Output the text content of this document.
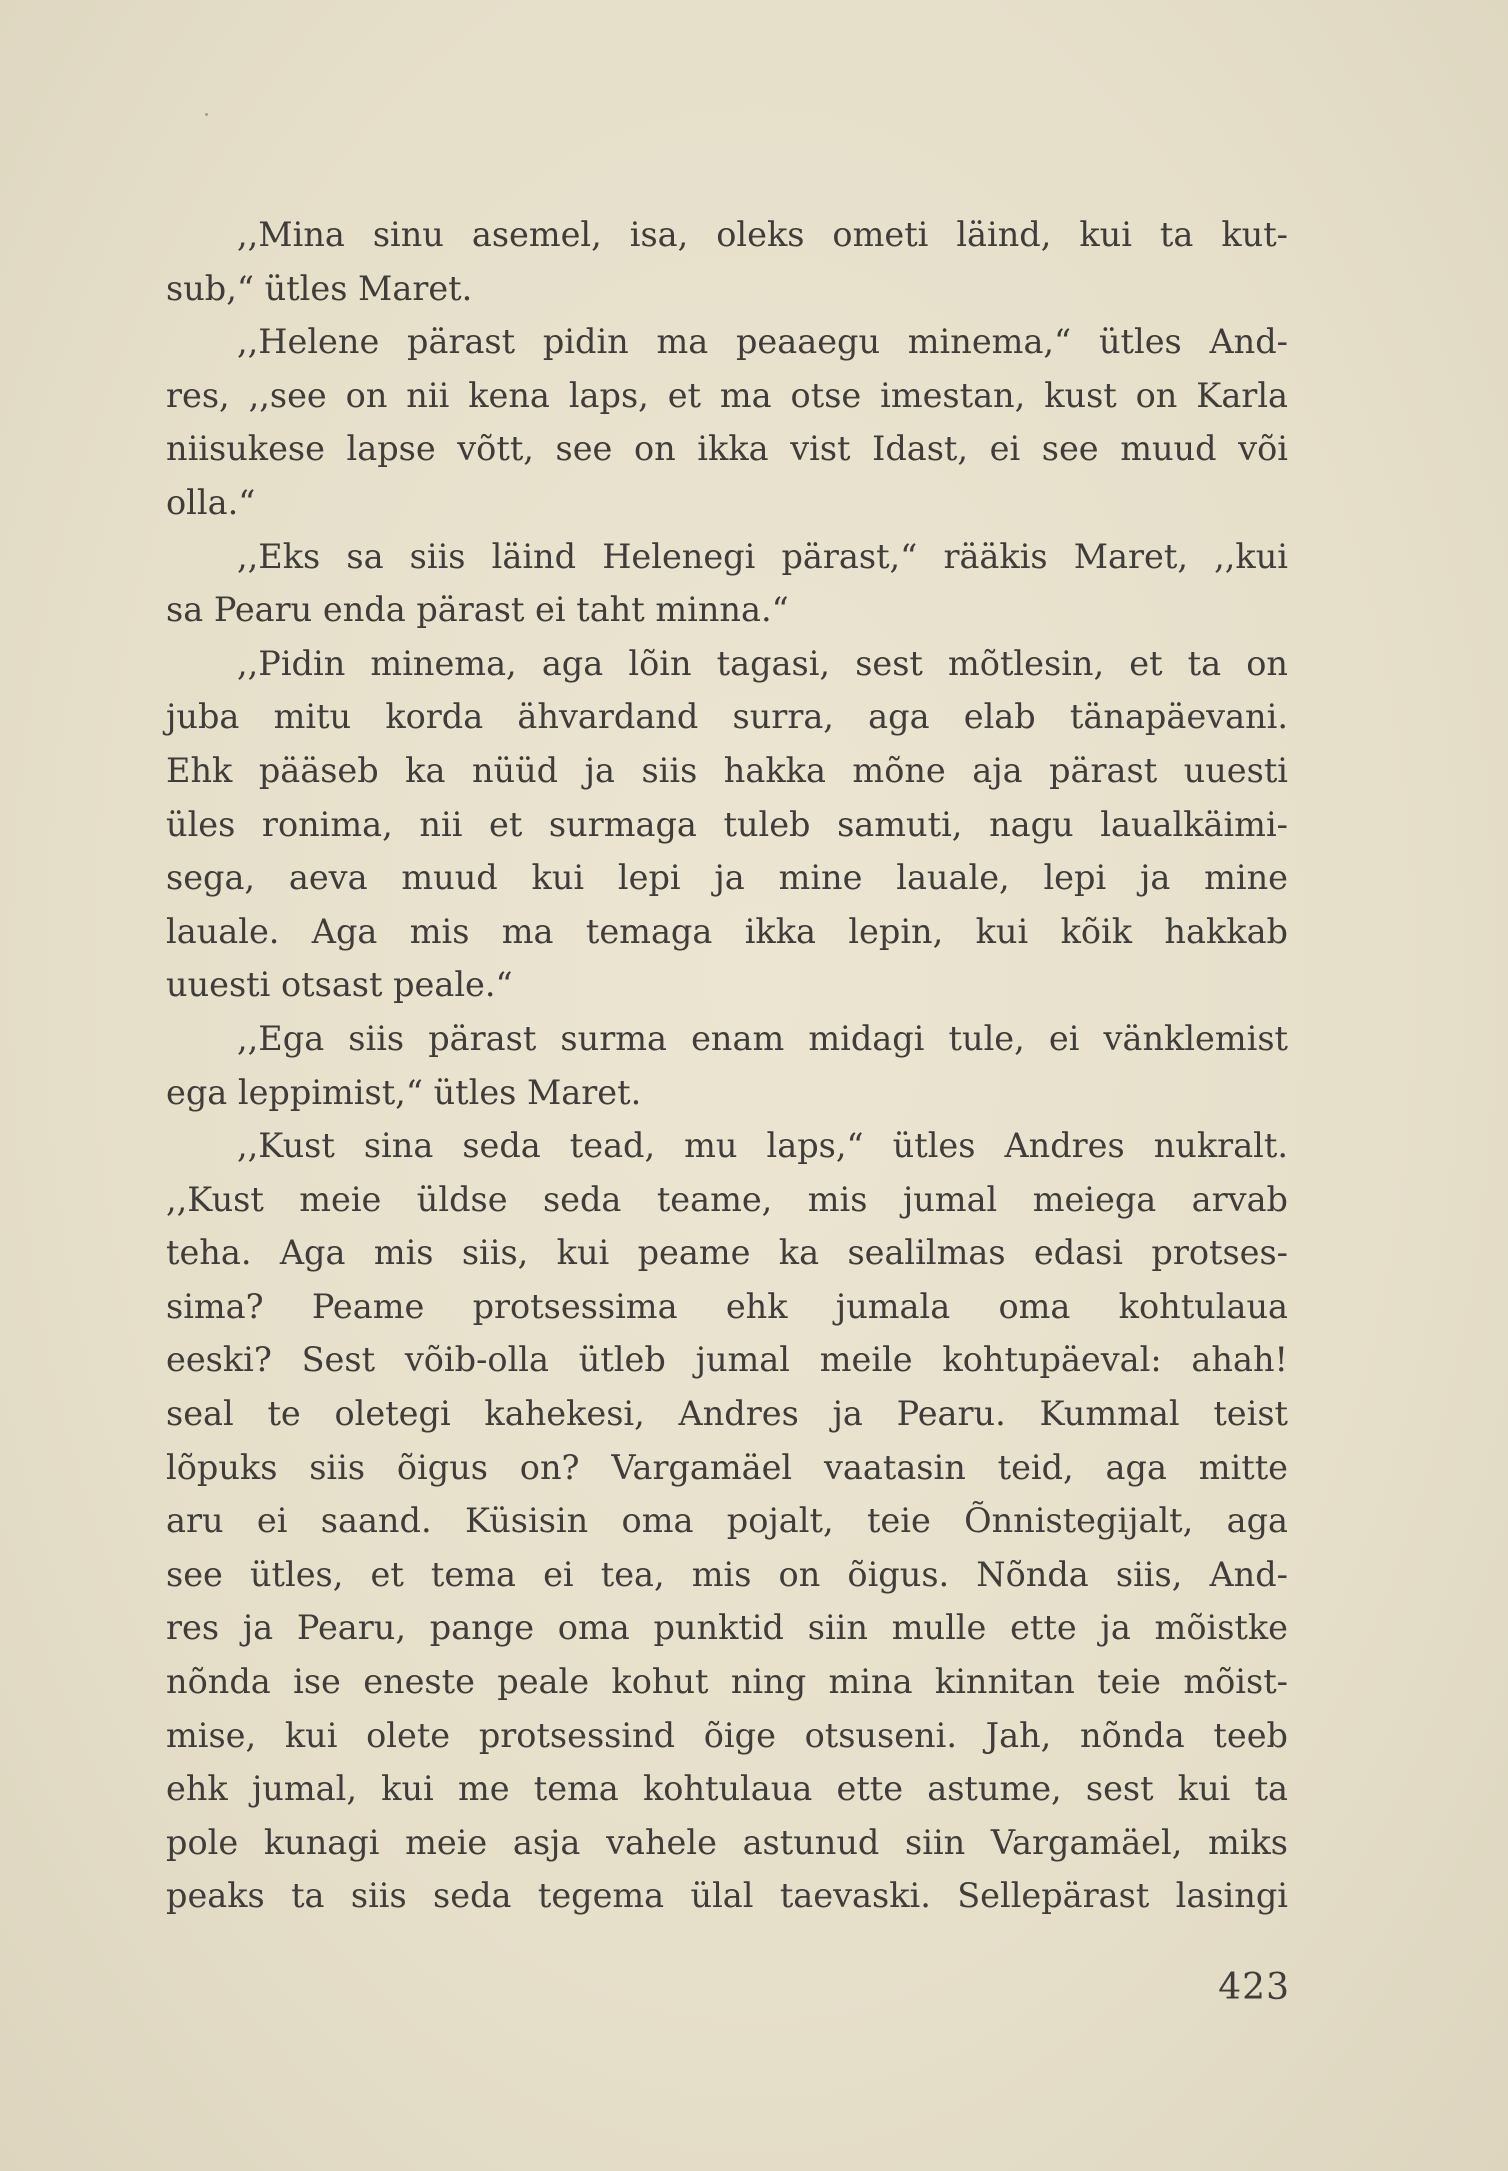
,,Mina sinu asemel, isa, oleks ometi läind, kui ta kut-
sub,“ ütles Maret.
,,Helene pärast pidin ma peaaegu minema,“ ütles And-
res, ,,see on nii kena laps, et ma otse imestan, kust on Karla
niisukese lapse võtt, see on ikka vist Idast, ei see muud või
olla.“
,,Eks sa siis läind Helenegi pärast,“ rääkis Maret, ,,kui
sa Pearu enda pärast ei taht minna.“
,,Pidin minema, aga lõin tagasi, sest mõtlesin, et ta on
juba mitu korda ähvardand surra, aga elab tänapäevani.
Ehk pääseb ka nüüd ja siis hakka mõne aja pärast uuesti
üles ronima, nii et surmaga tuleb samuti, nagu laualkäimi-
sega, aeva muud kui lepi ja mine lauale, lepi ja mine
lauale. Aga mis ma temaga ikka lepin, kui kõik hakkab
uuesti otsast peale.“
,,Ega siis pärast surma enam midagi tule, ei vänklemist
ega leppimist,“ ütles Maret.
,,Kust sina seda tead, mu laps,“ ütles Andres nukralt.
,,Kust meie üldse seda teame, mis jumal meiega arvab
teha. Aga mis siis, kui peame ka sealilmas edasi protses-
sima? Peame protsessima ehk jumala oma kohtulaua
eeski? Sest võib-olla ütleb jumal meile kohtupäeval: ahah!
seal te oletegi kahekesi, Andres ja Pearu. Kummal teist
lõpuks siis õigus on? Vargamäel vaatasin teid, aga mitte
aru ei saand. Küsisin oma pojalt, teie Õnnistegijalt, aga
see ütles, et tema ei tea, mis on õigus. Nõnda siis, And-
res ja Pearu, pange oma punktid siin mulle ette ja mõistke
nõnda ise eneste peale kohut ning mina kinnitan teie mõist-
mise, kui olete protsessind õige otsuseni. Jah, nõnda teeb
ehk jumal, kui me tema kohtulaua ette astume, sest kui ta
pole kunagi meie asja vahele astunud siin Vargamäel, miks
peaks ta siis seda tegema ülal taevaski. Sellepärast lasingi
423
